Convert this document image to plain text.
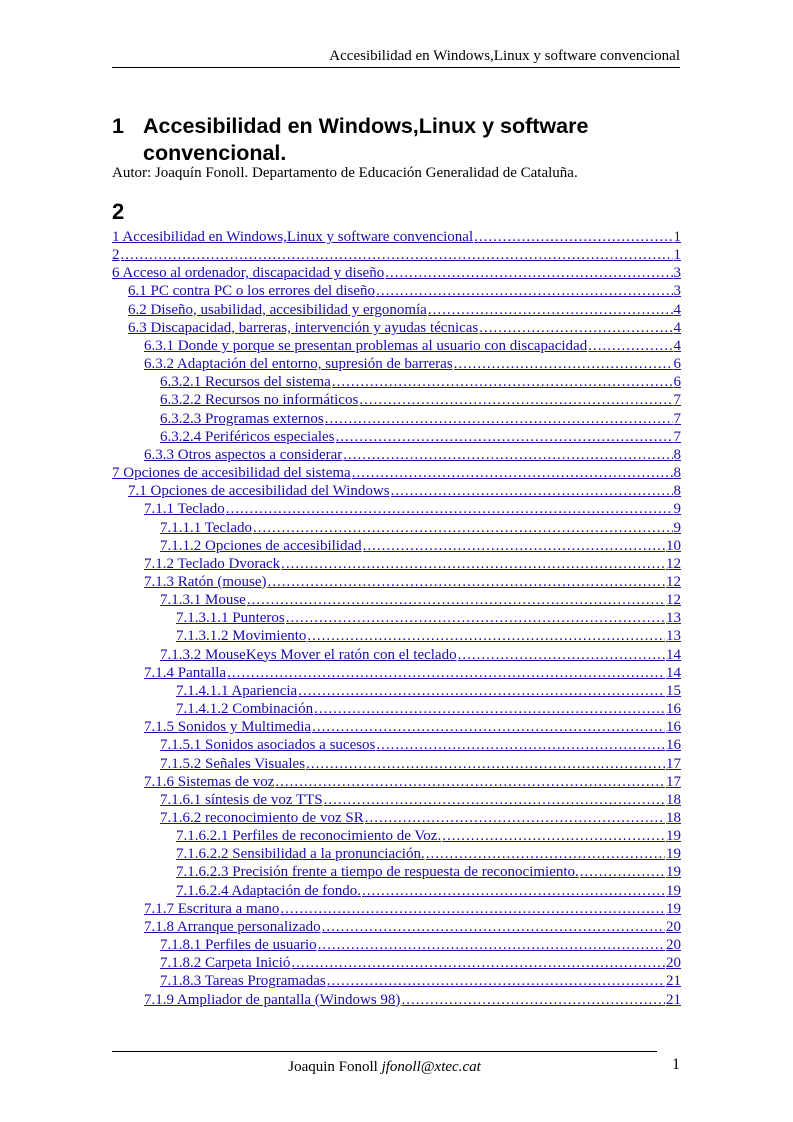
Accesibilidad en Windows,Linux y software convencional
1 Accesibilidad en Windows,Linux y software
convencional.
Autor: Joaquín Fonoll. Departamento de Educación Generalidad de Cataluña.
2
1 Accesibilidad en Windows,Linux y software convencional .....	1
2 .....	1
6 Acceso al ordenador, discapacidad y diseño .....	3
6.1 PC contra PC o los errores del diseño .....	3
6.2 Diseño, usabilidad, accesibilidad y ergonomía .....	4
6.3 Discapacidad, barreras, intervención y ayudas técnicas .....	4
6.3.1 Donde y porque se presentan problemas al usuario con discapacidad .....	4
6.3.2 Adaptación del entorno, supresión de barreras .....	6
6.3.2.1 Recursos del sistema .....	6
6.3.2.2 Recursos no informáticos .....	7
6.3.2.3 Programas externos .....	7
6.3.2.4 Periféricos especiales .....	7
6.3.3 Otros aspectos a considerar .....	8
7 Opciones de accesibilidad del sistema .....	8
7.1 Opciones de accesibilidad del Windows .....	8
7.1.1 Teclado .....	9
7.1.1.1 Teclado .....	9
7.1.1.2 Opciones de accesibilidad .....	10
7.1.2 Teclado Dvorack .....	12
7.1.3 Ratón (mouse) .....	12
7.1.3.1 Mouse .....	12
7.1.3.1.1 Punteros .....	13
7.1.3.1.2 Movimiento .....	13
7.1.3.2 MouseKeys Mover el ratón con el teclado .....	14
7.1.4 Pantalla .....	14
7.1.4.1.1 Apariencia .....	15
7.1.4.1.2 Combinación .....	16
7.1.5 Sonidos y Multimedia .....	16
7.1.5.1 Sonidos asociados a sucesos .....	16
7.1.5.2 Señales Visuales .....	17
7.1.6 Sistemas de voz .....	17
7.1.6.1 síntesis de voz TTS .....	18
7.1.6.2 reconocimiento de voz SR .....	18
7.1.6.2.1 Perfiles de reconocimiento de Voz. .....	19
7.1.6.2.2 Sensibilidad a la pronunciación. .....	19
7.1.6.2.3 Precisión frente a tiempo de respuesta de reconocimiento. .....	19
7.1.6.2.4 Adaptación de fondo. .....	19
7.1.7 Escritura a mano .....	19
7.1.8 Arranque personalizado .....	20
7.1.8.1 Perfiles de usuario .....	20
7.1.8.2 Carpeta Inició .....	20
7.1.8.3 Tareas Programadas .....	21
7.1.9 Ampliador de pantalla (Windows 98) .....	21
Joaquin Fonoll jfonoll@xtec.cat	1
